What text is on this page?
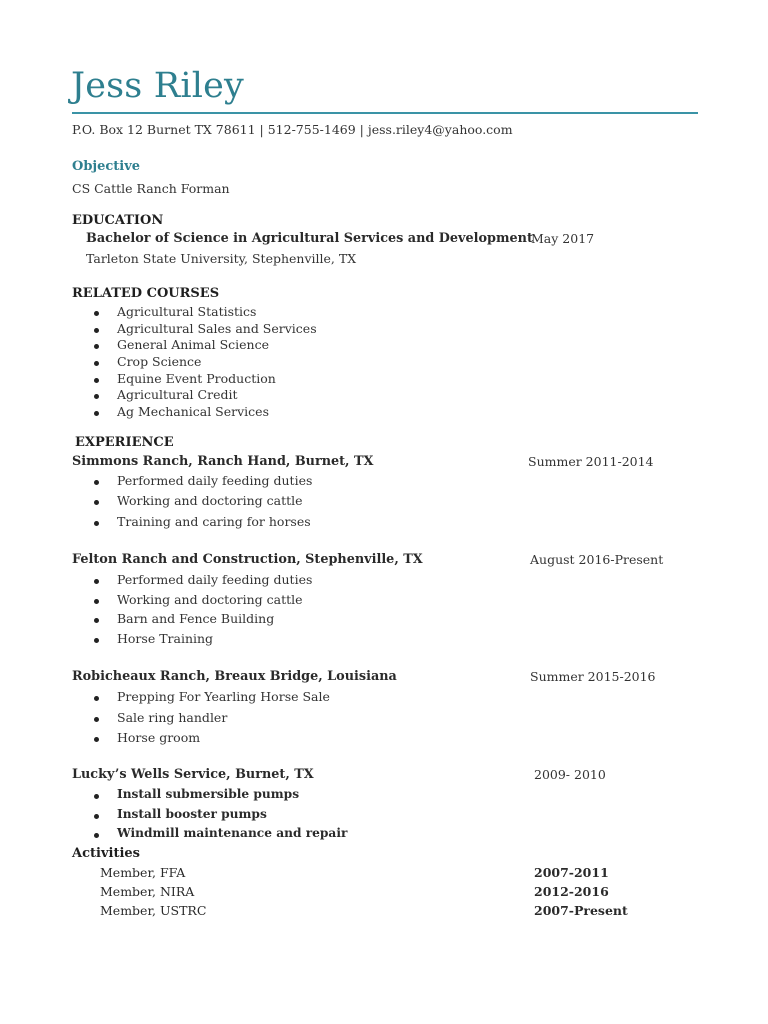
Jess Riley
P.O. Box 12 Burnet TX 78611 | 512-755-1469 | jess.riley4@yahoo.com
Objective
CS Cattle Ranch Forman
EDUCATION
Bachelor of Science in Agricultural Services and Development
May 2017
Tarleton State University, Stephenville, TX
RELATED COURSES
Agricultural Statistics
Agricultural Sales and Services
General Animal Science
Crop Science
Equine Event Production
Agricultural Credit
Ag Mechanical Services
EXPERIENCE
Simmons Ranch, Ranch Hand, Burnet, TX	Summer 2011-2014
Performed daily feeding duties
Working and doctoring cattle
Training and caring for horses
Felton Ranch and Construction, Stephenville, TX	August 2016-Present
Performed daily feeding duties
Working and doctoring cattle
Barn and Fence Building
Horse Training
Robicheaux Ranch, Breaux Bridge, Louisiana	Summer 2015-2016
Prepping For Yearling Horse Sale
Sale ring handler
Horse groom
Lucky’s Wells Service, Burnet, TX	2009- 2010
Install submersible pumps
Install booster pumps
Windmill maintenance and repair
Activities
Member, FFA	2007-2011
Member, NIRA	2012-2016
Member, USTRC	2007-Present
